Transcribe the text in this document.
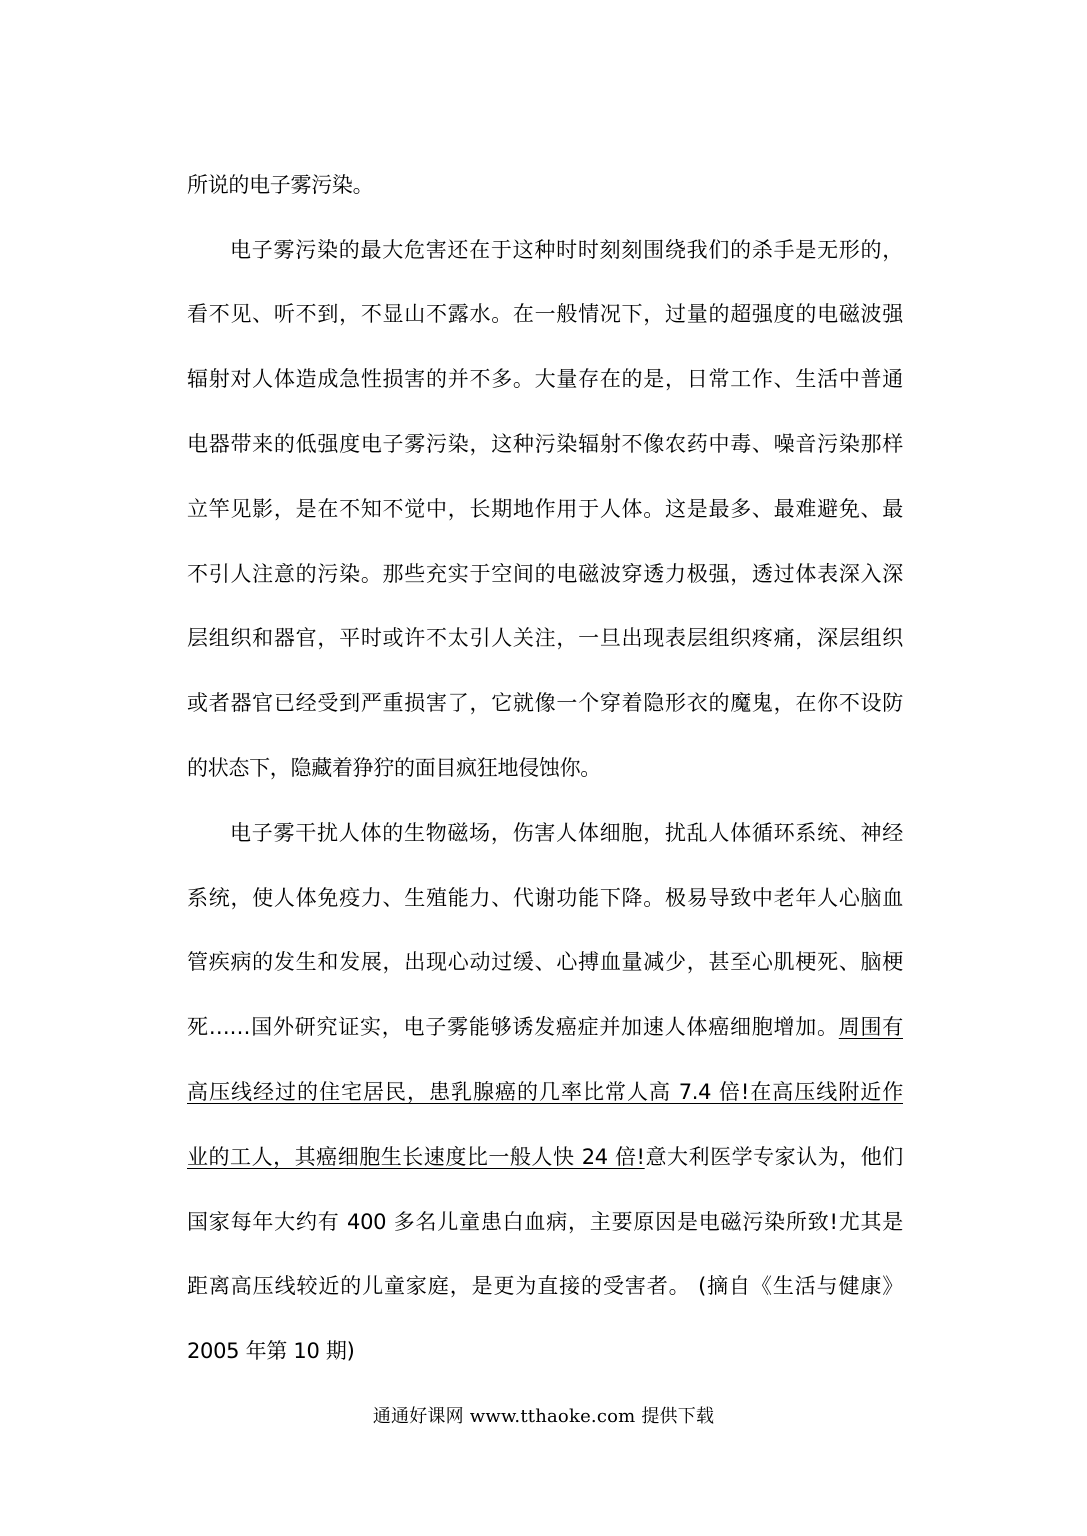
所说的电子雾污染。
电子雾污染的最大危害还在于这种时时刻刻围绕我们的杀手是无形的，
看不见、听不到，不显山不露水。在一般情况下，过量的超强度的电磁波强
辐射对人体造成急性损害的并不多。大量存在的是，日常工作、生活中普通
电器带来的低强度电子雾污染，这种污染辐射不像农药中毒、噪音污染那样
立竿见影，是在不知不觉中，长期地作用于人体。这是最多、最难避免、最
不引人注意的污染。那些充实于空间的电磁波穿透力极强，透过体表深入深
层组织和器官，平时或许不太引人关注，一旦出现表层组织疼痛，深层组织
或者器官已经受到严重损害了，它就像一个穿着隐形衣的魔鬼，在你不设防
的状态下，隐藏着狰狞的面目疯狂地侵蚀你。
电子雾干扰人体的生物磁场，伤害人体细胞，扰乱人体循环系统、神经
系统，使人体免疫力、生殖能力、代谢功能下降。极易导致中老年人心脑血
管疾病的发生和发展，出现心动过缓、心搏血量减少，甚至心肌梗死、脑梗
死……国外研究证实，电子雾能够诱发癌症并加速人体癌细胞增加。周围有
高压线经过的住宅居民，患乳腺癌的几率比常人高 7.4 倍!在高压线附近作
业的工人，其癌细胞生长速度比一般人快 24 倍!意大利医学专家认为，他们
国家每年大约有 400 多名儿童患白血病，主要原因是电磁污染所致!尤其是
距离高压线较近的儿童家庭，是更为直接的受害者。 (摘自《生活与健康》
2005 年第 10 期)
通通好课网 www.tthaoke.com 提供下载
